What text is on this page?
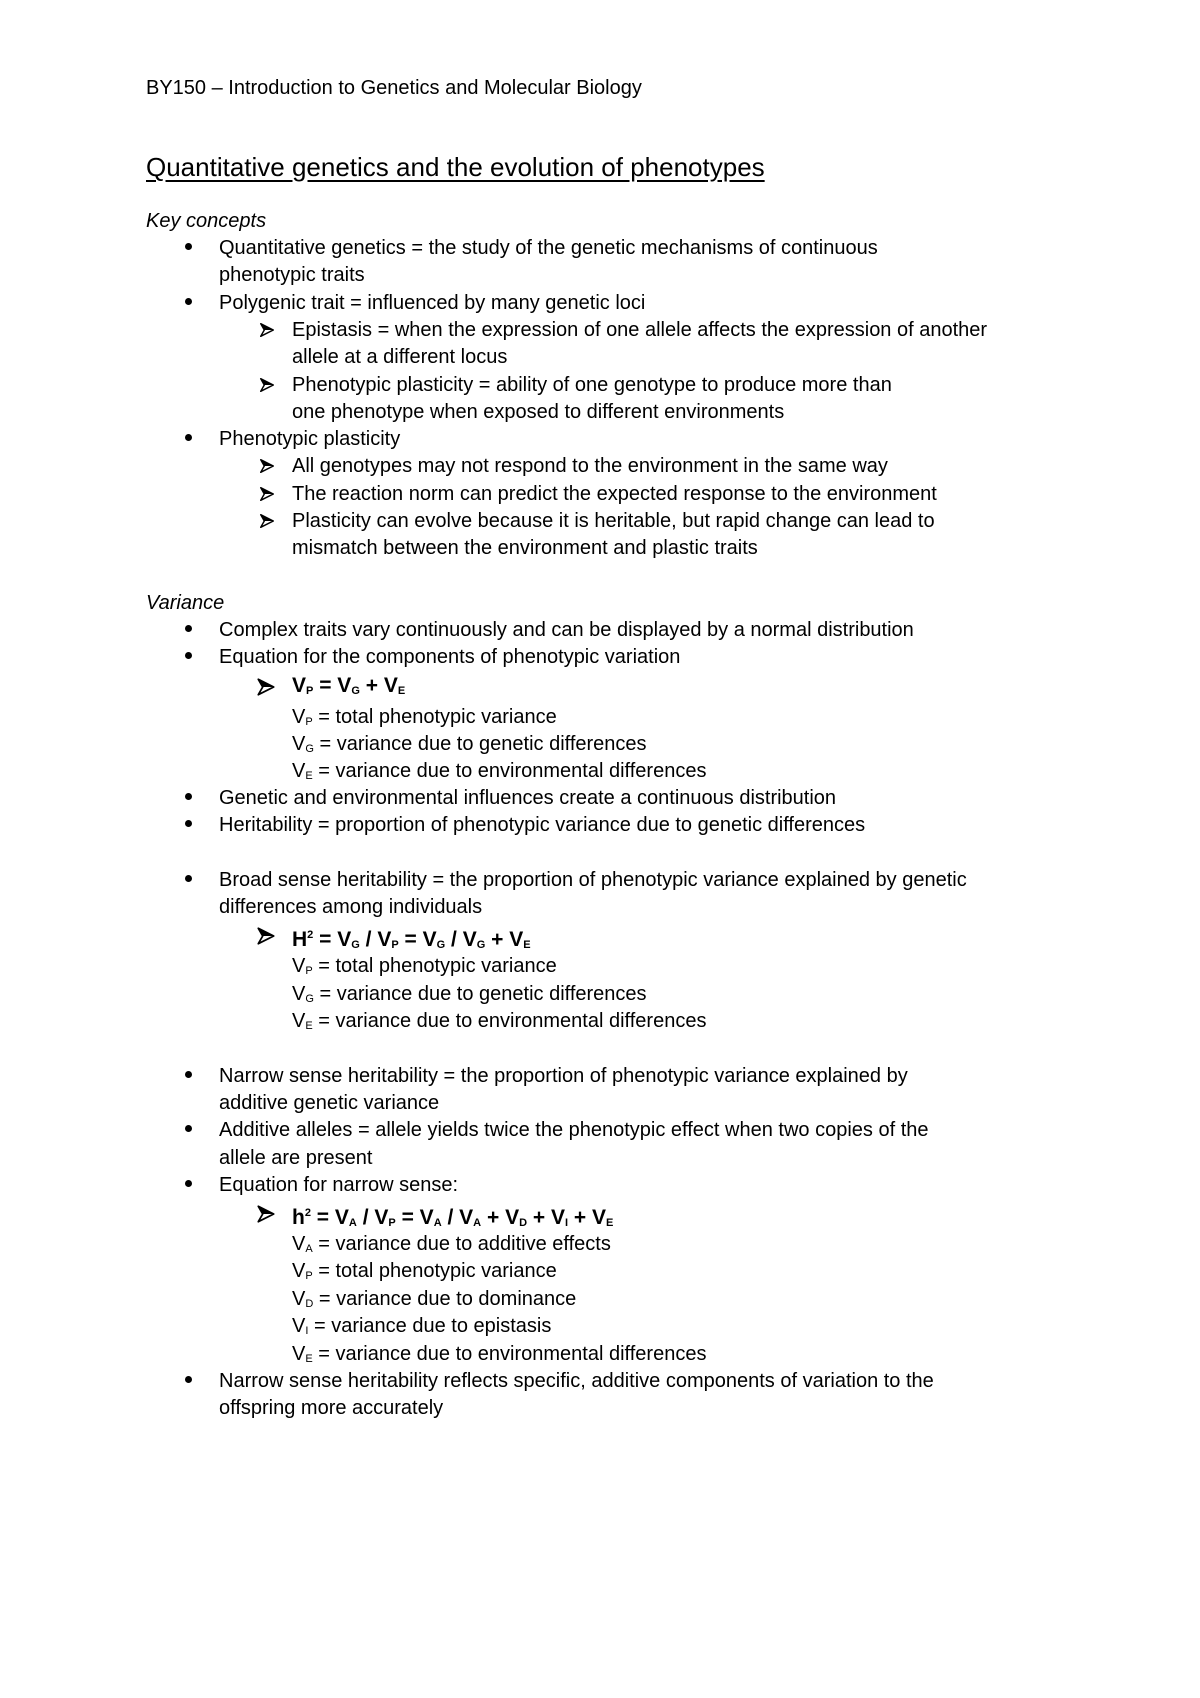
BY150 – Introduction to Genetics and Molecular Biology
Quantitative genetics and the evolution of phenotypes
Key concepts
Quantitative genetics = the study of the genetic mechanisms of continuous
phenotypic traits
Polygenic trait = influenced by many genetic loci
Epistasis = when the expression of one allele affects the expression of another
allele at a different locus
Phenotypic plasticity = ability of one genotype to produce more than
one phenotype when exposed to different environments
Phenotypic plasticity
All genotypes may not respond to the environment in the same way
The reaction norm can predict the expected response to the environment
Plasticity can evolve because it is heritable, but rapid change can lead to
mismatch between the environment and plastic traits
Variance
Complex traits vary continuously and can be displayed by a normal distribution
Equation for the components of phenotypic variation
$V_P = V_G + V_E$
$V_P$ = total phenotypic variance
$V_G$ = variance due to genetic differences
$V_E$ = variance due to environmental differences
Genetic and environmental influences create a continuous distribution
Heritability = proportion of phenotypic variance due to genetic differences
Broad sense heritability = the proportion of phenotypic variance explained by genetic
differences among individuals
$H^2 = V_G / V_P = V_G / V_G + V_E$
$V_P$ = total phenotypic variance
$V_G$ = variance due to genetic differences
$V_E$ = variance due to environmental differences
Narrow sense heritability = the proportion of phenotypic variance explained by
additive genetic variance
Additive alleles = allele yields twice the phenotypic effect when two copies of the
allele are present
Equation for narrow sense:
$h^2 = V_A / V_P = V_A / V_A + V_D + V_I + V_E$
$V_A$ = variance due to additive effects
$V_P$ = total phenotypic variance
$V_D$ = variance due to dominance
$V_I$ = variance due to epistasis
$V_E$ = variance due to environmental differences
Narrow sense heritability reflects specific, additive components of variation to the
offspring more accurately
